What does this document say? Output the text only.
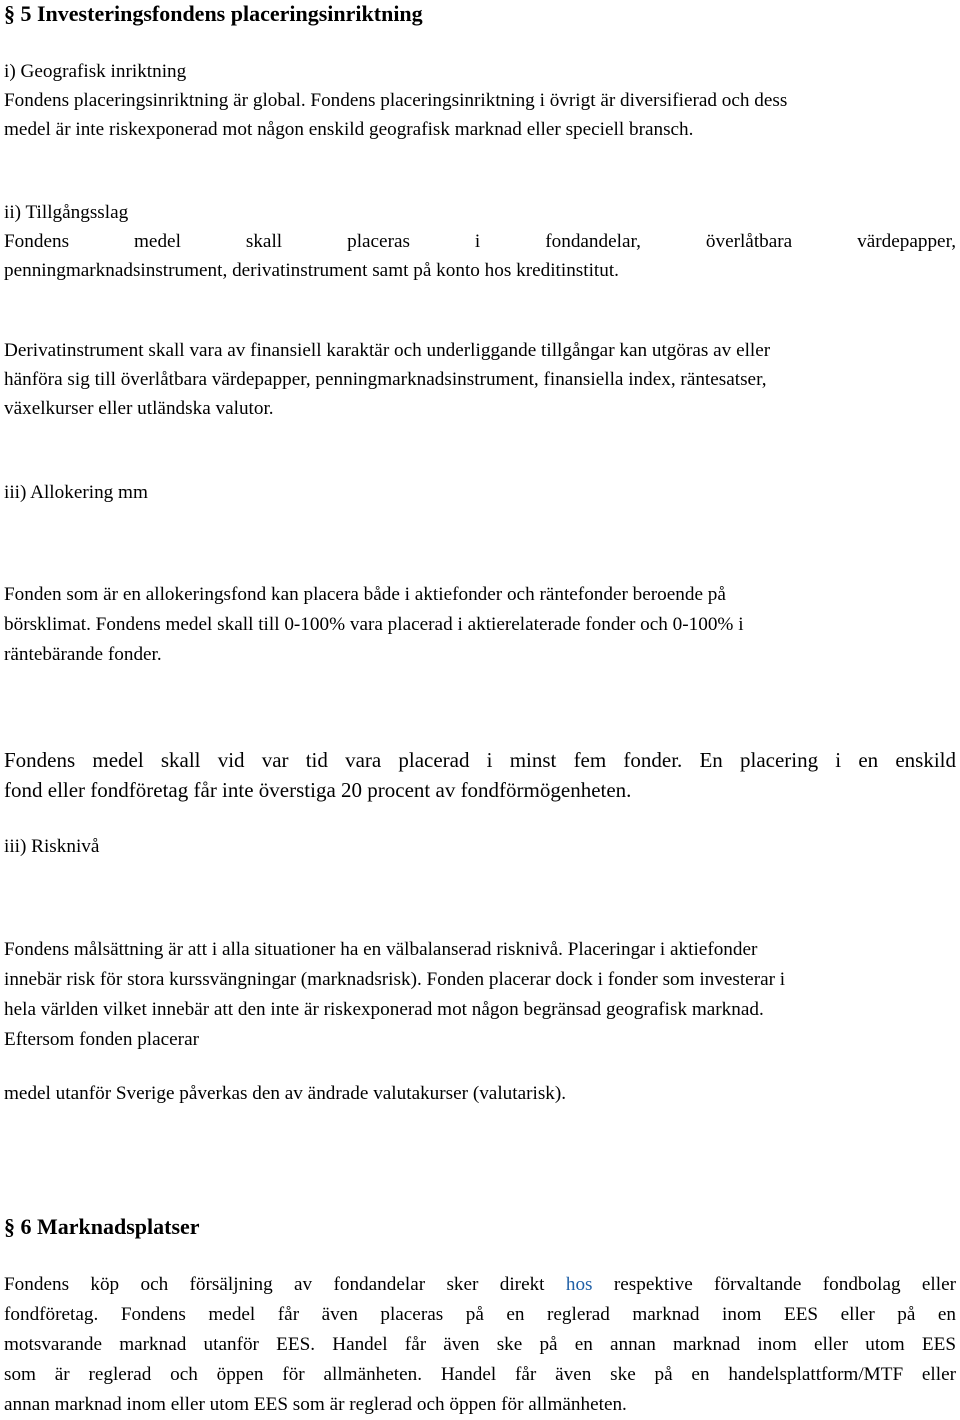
§ 5 Investeringsfondens placeringsinriktning
i) Geografisk inriktning
Fondens placeringsinriktning är global. Fondens placeringsinriktning i övrigt är diversifierad och dess
medel är inte riskexponerad mot någon enskild geografisk marknad eller speciell bransch.
ii) Tillgångsslag
Fondens medel skall placeras i fondandelar, överlåtbara värdepapper,
penningmarknadsinstrument, derivatinstrument samt på konto hos kreditinstitut.
Derivatinstrument skall vara av finansiell karaktär och underliggande tillgångar kan utgöras av eller
hänföra sig till överlåtbara värdepapper, penningmarknadsinstrument, finansiella index, räntesatser,
växelkurser eller utländska valutor.
iii) Allokering mm
Fonden som är en allokeringsfond kan placera både i aktiefonder och räntefonder beroende på
börsklimat. Fondens medel skall till 0-100% vara placerad i aktierelaterade fonder och 0-100% i
räntebärande fonder.
Fondens medel skall vid var tid vara placerad i minst fem fonder. En placering i en enskild
fond eller fondföretag får inte överstiga 20 procent av fondförmögenheten.
iii) Risknivå
Fondens målsättning är att i alla situationer ha en välbalanserad risknivå. Placeringar i aktiefonder
innebär risk för stora kurssvängningar (marknadsrisk). Fonden placerar dock i fonder som investerar i
hela världen vilket innebär att den inte är riskexponerad mot någon begränsad geografisk marknad.
Eftersom fonden placerar
medel utanför Sverige påverkas den av ändrade valutakurser (valutarisk).
§ 6 Marknadsplatser
Fondens köp och försäljning av fondandelar sker direkt hos respektive förvaltande fondbolag eller
fondföretag. Fondens medel får även placeras på en reglerad marknad inom EES eller på en
motsvarande marknad utanför EES. Handel får även ske på en annan marknad inom eller utom EES
som är reglerad och öppen för allmänheten. Handel får även ske på en handelsplattform/MTF eller
annan marknad inom eller utom EES som är reglerad och öppen för allmänheten.
